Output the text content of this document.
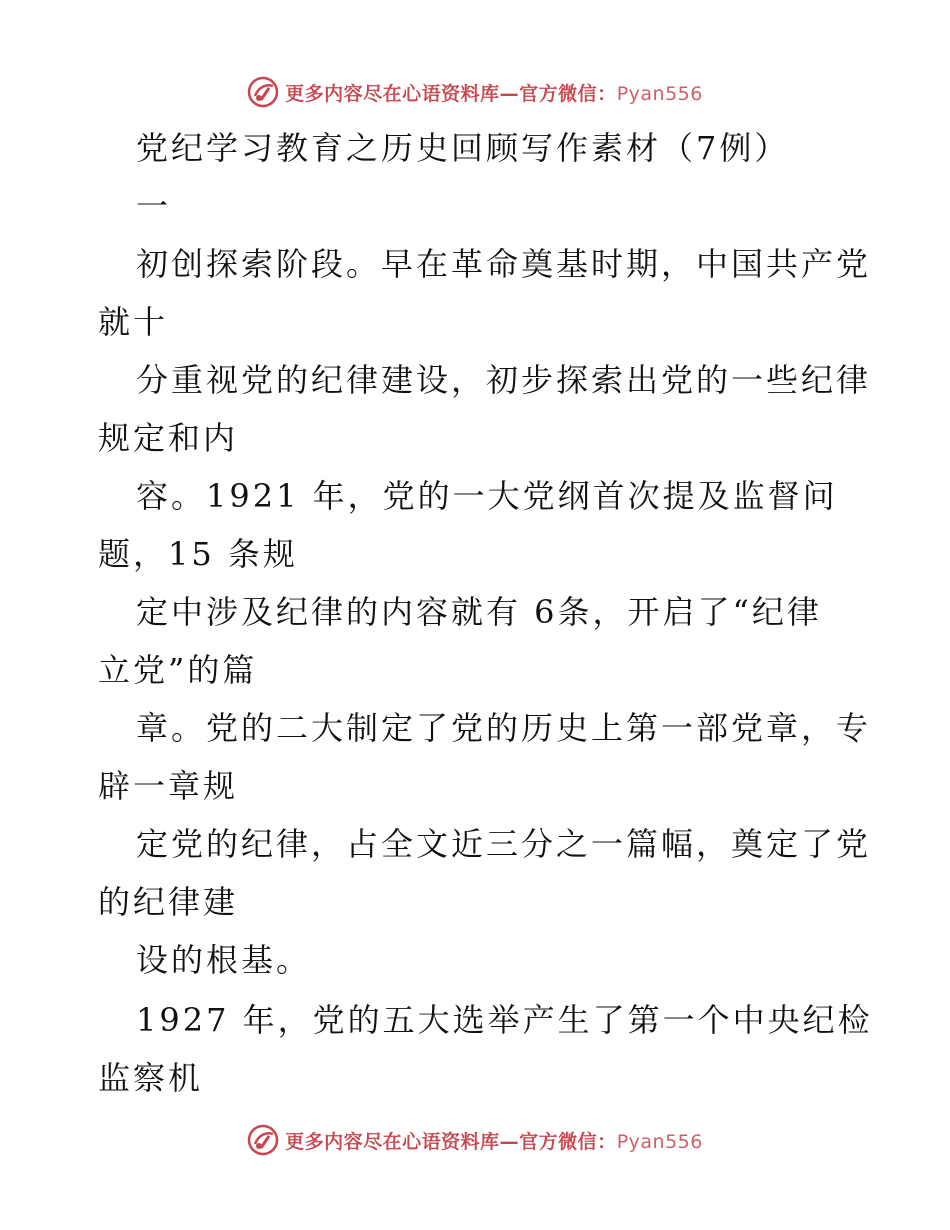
更多内容尽在心语资料库—官方微信：Pyan556
党纪学习教育之历史回顾写作素材（7例）
一
初创探索阶段。早在革命奠基时期，中国共产党
就十
分重视党的纪律建设，初步探索出党的一些纪律
规定和内
容。1921 年，党的一大党纲首次提及监督问
题，15 条规
定中涉及纪律的内容就有 6条，开启了“纪律
立党”的篇
章。党的二大制定了党的历史上第一部党章，专
辟一章规
定党的纪律，占全文近三分之一篇幅，奠定了党
的纪律建
设的根基。
1927 年，党的五大选举产生了第一个中央纪检
监察机
更多内容尽在心语资料库—官方微信：Pyan556
